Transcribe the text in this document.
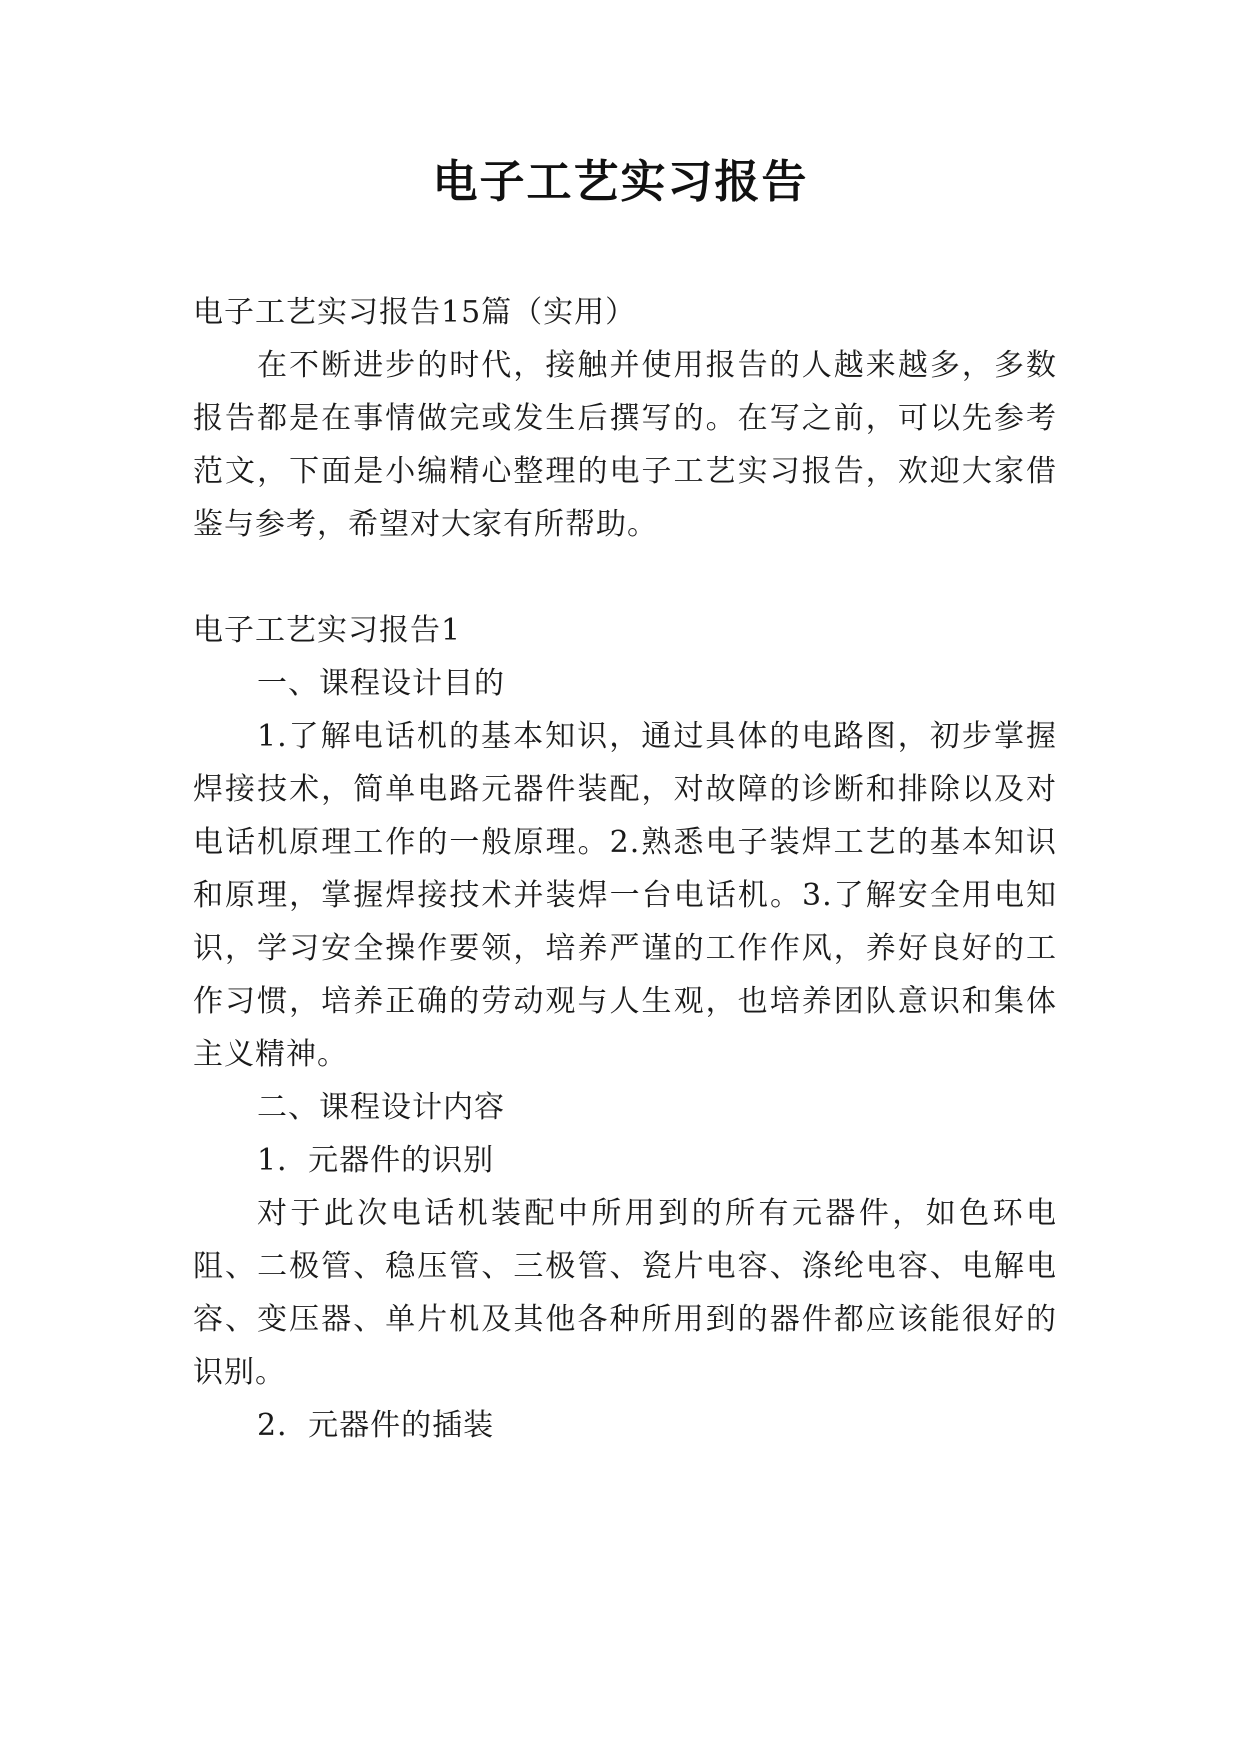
电子工艺实习报告

电子工艺实习报告15篇（实用）

在不断进步的时代，接触并使用报告的人越来越多，多数报告都是在事情做完或发生后撰写的。在写之前，可以先参考范文，下面是小编精心整理的电子工艺实习报告，欢迎大家借鉴与参考，希望对大家有所帮助。

电子工艺实习报告1

一、课程设计目的

1.了解电话机的基本知识，通过具体的电路图，初步掌握焊接技术，简单电路元器件装配，对故障的诊断和排除以及对电话机原理工作的一般原理。2.熟悉电子装焊工艺的基本知识和原理，掌握焊接技术并装焊一台电话机。3.了解安全用电知识，学习安全操作要领，培养严谨的工作作风，养好良好的工作习惯，培养正确的劳动观与人生观，也培养团队意识和集体主义精神。

二、课程设计内容

1．元器件的识别

对于此次电话机装配中所用到的所有元器件，如色环电阻、二极管、稳压管、三极管、瓷片电容、涤纶电容、电解电容、变压器、单片机及其他各种所用到的器件都应该能很好的识别。

2．元器件的插装
